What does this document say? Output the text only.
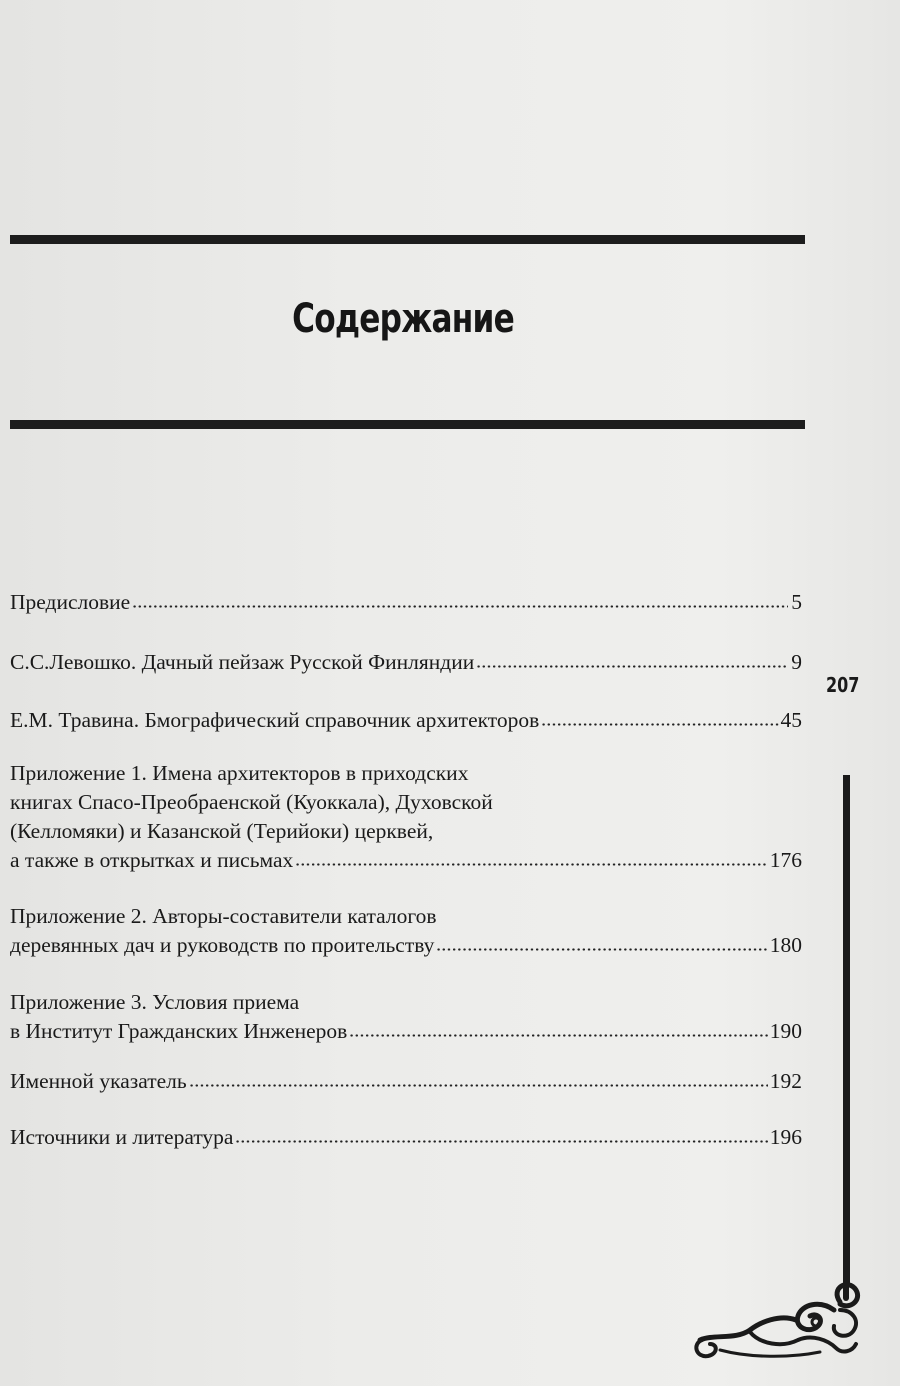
Содержание
Предисловие	5
С.С.Левошко. Дачный пейзаж Русской Финляндии	9
Е.М. Травина. Бмографический справочник архитекторов	45
Приложение 1. Имена архитекторов в приходских
книгах Спасо-Преобраенской (Куоккала), Духовской
(Келломяки) и Казанской (Терийоки) церквей,
а также в открытках и письмах	176
Приложение 2. Авторы-составители каталогов
деревянных дач и руководств по проительству	180
Приложение 3. Условия приема
в Институт Гражданских Инженеров	190
Именной указатель	192
Источники и литература	196
207
